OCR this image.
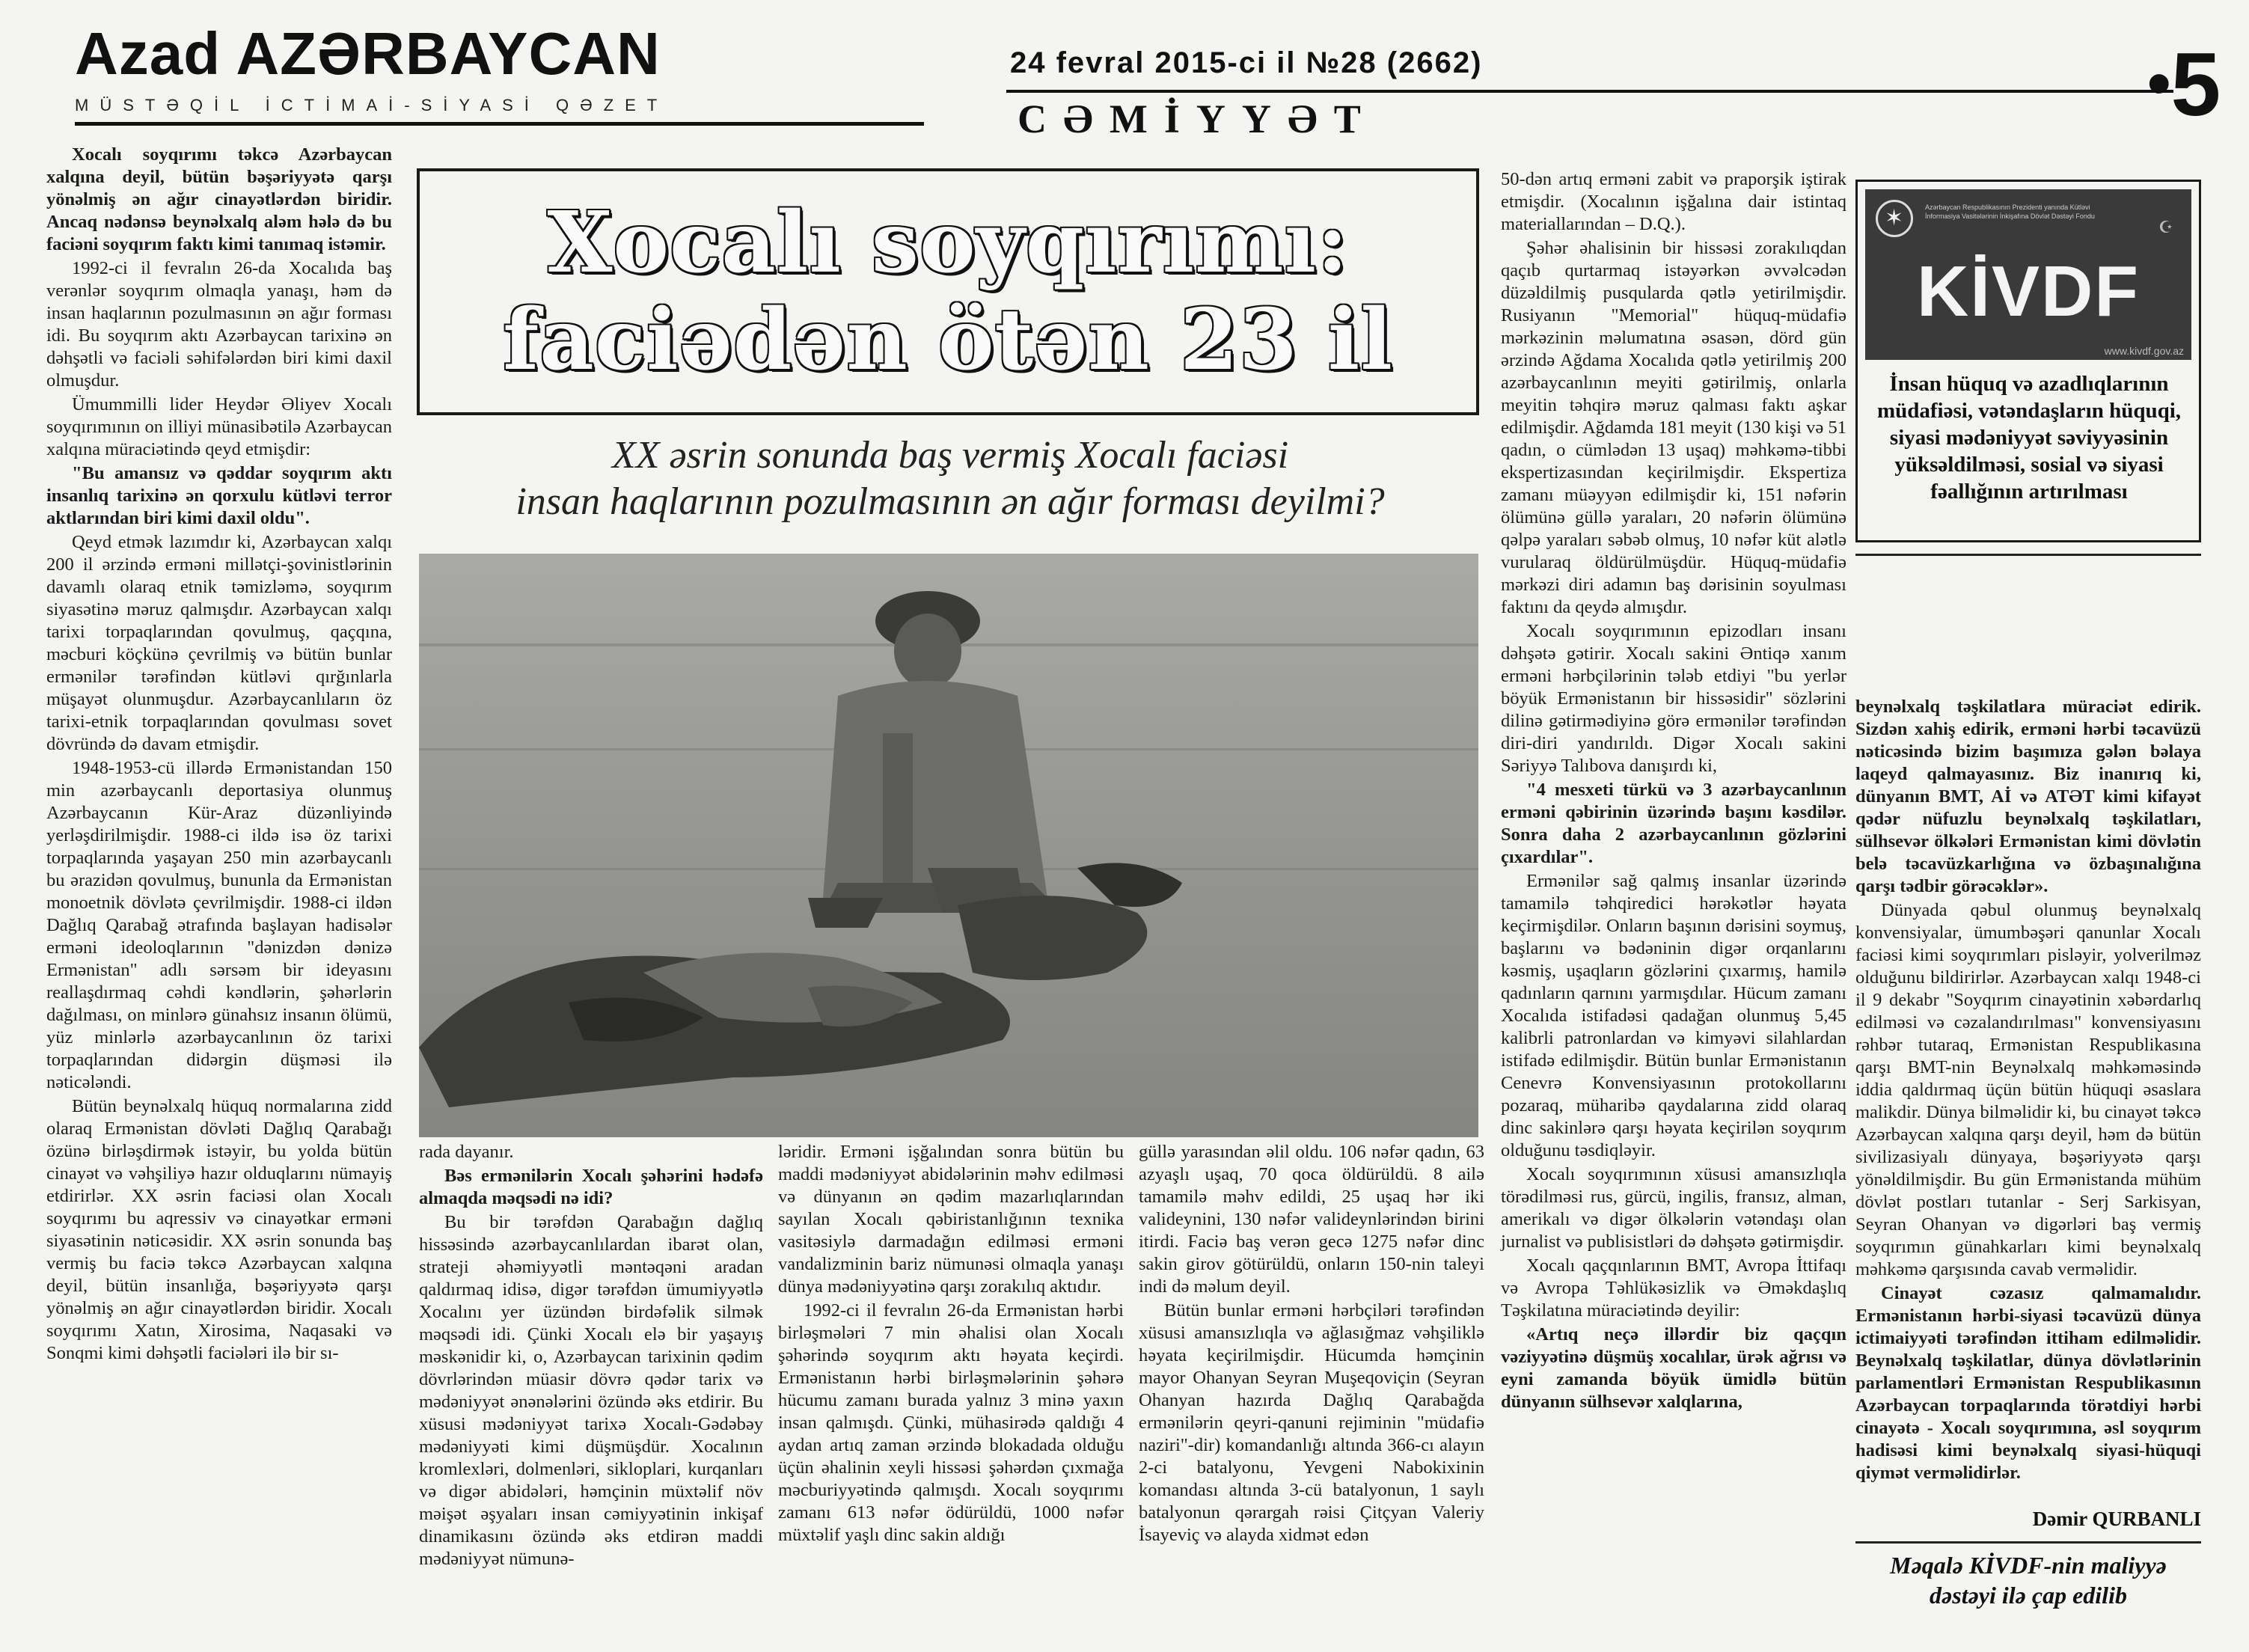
Azad AZƏRBAYCAN
MÜSTƏQİL İCTİMAİ-SİYASİ QƏZET
24 fevral 2015-ci il №28 (2662)
CƏMİYYƏT	•5

Xocalı soyqırımı təkcə Azərbaycan xalqına deyil, bütün bəşəriyyətə qarşı yönəlmiş ən ağır cinayətlərdən biridir. Ancaq nədənsə beynəlxalq aləm hələ də bu faciəni soyqırım faktı kimi tanımaq istəmir.

1992-ci il fevralın 26-da Xocalıda baş verənlər soyqırım olmaqla yanaşı, həm də insan haqlarının pozulmasının ən ağır forması idi. Bu soyqırım aktı Azərbaycan tarixinə ən dəhşətli və faciəli səhifələrdən biri kimi daxil olmuşdur.

Ümummilli lider Heydər Əliyev Xocalı soyqırımının on illiyi münasibətilə Azərbaycan xalqına müraciətində qeyd etmişdir:

"Bu amansız və qəddar soyqırım aktı insanlıq tarixinə ən qorxulu kütləvi terror aktlarından biri kimi daxil oldu".

Qeyd etmək lazımdır ki, Azərbaycan xalqı 200 il ərzində erməni millətçi-şovinistlərinin davamlı olaraq etnik təmizləmə, soyqırım siyasətinə məruz qalmışdır. Azərbaycan xalqı tarixi torpaqlarından qovulmuş, qaçqına, məcburi köçkünə çevrilmiş və bütün bunlar ermənilər tərəfindən kütləvi qırğınlarla müşayət olunmuşdur. Azərbaycanlıların öz tarixi-etnik torpaqlarından qovulması sovet dövründə də davam etmişdir.

1948-1953-cü illərdə Ermənistandan 150 min azərbaycanlı deportasiya olunmuş Azərbaycanın Kür-Araz düzənliyində yerləşdirilmişdir. 1988-ci ildə isə öz tarixi torpaqlarında yaşayan 250 min azərbaycanlı bu ərazidən qovulmuş, bununla da Ermənistan monoetnik dövlətə çevrilmişdir. 1988-ci ildən Dağlıq Qarabağ ətrafında başlayan hadisələr erməni ideoloqlarının "dənizdən dənizə Ermənistan" adlı sərsəm bir ideyasını reallaşdırmaq cəhdi kəndlərin, şəhərlərin dağılması, on minlərə günahsız insanın ölümü, yüz minlərlə azərbaycanlının öz tarixi torpaqlarından didərgin düşməsi ilə nəticələndi.

Bütün beynəlxalq hüquq normalarına zidd olaraq Ermənistan dövləti Dağlıq Qarabağı özünə birləşdirmək istəyir, bu yolda bütün cinayət və vəhşiliyə hazır olduqlarını nümayiş etdirirlər. XX əsrin faciəsi olan Xocalı soyqırımı bu aqressiv və cinayətkar erməni siyasətinin nəticəsidir. XX əsrin sonunda baş vermiş bu faciə təkcə Azərbaycan xalqına deyil, bütün insanlığa, bəşəriyyətə qarşı yönəlmiş ən ağır cinayətlərdən biridir. Xocalı soyqırımı Xatın, Xirosima, Naqasaki və Sonqmi kimi dəhşətli faciələri ilə bir sı-

Xocalı soyqırımı:
faciədən ötən 23 il
XX əsrin sonunda baş vermiş Xocalı faciəsi
insan haqlarının pozulmasının ən ağır forması deyilmi?

rada dayanır.

Bəs ermənilərin Xocalı şəhərini hədəfə almaqda məqsədi nə idi?

Bu bir tərəfdən Qarabağın dağlıq hissəsində azərbaycanlılardan ibarət olan, strateji əhəmiyyətli məntəqəni aradan qaldırmaq idisə, digər tərəfdən ümumiyyətlə Xocalını yer üzündən birdəfəlik silmək məqsədi idi. Çünki Xocalı elə bir yaşayış məskənidir ki, o, Azərbaycan tarixinin qədim dövrlərindən müasir dövrə qədər tarix və mədəniyyət ənənələrini özündə əks etdirir. Bu xüsusi mədəniyyət tarixə Xocalı-Gədəbəy mədəniyyəti kimi düşmüşdür. Xocalının kromlexləri, dolmenləri, sikloplari, kurqanları və digər abidələri, həmçinin müxtəlif növ məişət əşyaları insan cəmiyyətinin inkişaf dinamikasını özündə əks etdirən maddi mədəniyyət nümunə-

ləridir. Erməni işğalından sonra bütün bu maddi mədəniyyət abidələrinin məhv edilməsi və dünyanın ən qədim mazarlıqlarından sayılan Xocalı qəbiristanlığının texnika vasitəsiylə darmadağın edilməsi erməni vandalizminin bariz nümunəsi olmaqla yanaşı dünya mədəniyyətinə qarşı zorakılıq aktıdır.

1992-ci il fevralın 26-da Ermənistan hərbi birləşmələri 7 min əhalisi olan Xocalı şəhərində soyqırım aktı həyata keçirdi. Ermənistanın hərbi birləşmələrinin şəhərə hücumu zamanı burada yalnız 3 minə yaxın insan qalmışdı. Çünki, mühasirədə qaldığı 4 aydan artıq zaman ərzində blokadada olduğu üçün əhalinin xeyli hissəsi şəhərdən çıxmağa məcburiyyətində qalmışdı. Xocalı soyqırımı zamanı 613 nəfər ödürüldü, 1000 nəfər müxtəlif yaşlı dinc sakin aldığı

güllə yarasından əlil oldu. 106 nəfər qadın, 63 azyaşlı uşaq, 70 qoca öldürüldü. 8 ailə tamamilə məhv edildi, 25 uşaq hər iki valideynini, 130 nəfər valideynlərindən birini itirdi. Faciə baş verən gecə 1275 nəfər dinc sakin girov götürüldü, onların 150-nin taleyi indi də məlum deyil.

Bütün bunlar erməni hərbçiləri tərəfindən xüsusi amansızlıqla və ağlasığmaz vəhşiliklə həyata keçirilmişdir. Hücumda həmçinin mayor Ohanyan Seyran Muşeqoviçin (Seyran Ohanyan hazırda Dağlıq Qarabağda ermənilərin qeyri-qanuni rejiminin "müdafiə naziri"-dir) komandanlığı altında 366-cı alayın 2-ci batalyonu, Yevgeni Nabokixinin komandası altında 3-cü batalyonun, 1 saylı batalyonun qərargah rəisi Çitçyan Valeriy İsayeviç və alayda xidmət edən

50-dən artıq erməni zabit və praporşik iştirak etmişdir. (Xocalının işğalına dair istintaq materiallarından – D.Q.).

Şəhər əhalisinin bir hissəsi zorakılıqdan qaçıb qurtarmaq istəyərkən əvvəlcədən düzəldilmiş pusqularda qətlə yetirilmişdir. Rusiyanın "Memorial" hüquq-müdafiə mərkəzinin məlumatına əsasən, dörd gün ərzində Ağdama Xocalıda qətlə yetirilmiş 200 azərbaycanlının meyiti gətirilmiş, onlarla meyitin təhqirə məruz qalması faktı aşkar edilmişdir. Ağdamda 181 meyit (130 kişi və 51 qadın, o cümlədən 13 uşaq) məhkəmə-tibbi ekspertizasından keçirilmişdir. Ekspertiza zamanı müəyyən edilmişdir ki, 151 nəfərin ölümünə güllə yaraları, 20 nəfərin ölümünə qəlpə yaraları səbəb olmuş, 10 nəfər küt alətlə vurularaq öldürülmüşdür. Hüquq-müdafiə mərkəzi diri adamın baş dərisinin soyulması faktını da qeydə almışdır.

Xocalı soyqırımının epizodları insanı dəhşətə gətirir. Xocalı sakini Əntiqə xanım erməni hərbçilərinin tələb etdiyi "bu yerlər böyük Ermənistanın bir hissəsidir" sözlərini dilinə gətirmədiyinə görə ermənilər tərəfindən diri-diri yandırıldı. Digər Xocalı sakini Səriyyə Talıbova danışırdı ki,

"4 mesxeti türkü və 3 azərbaycanlının erməni qəbirinin üzərində başını kəsdilər. Sonra daha 2 azərbaycanlının gözlərini çıxardılar".

Ermənilər sağ qalmış insanlar üzərində tamamilə təhqiredici hərəkətlər həyata keçirmişdilər. Onların başının dərisini soymuş, başlarını və bədəninin digər orqanlarını kəsmiş, uşaqların gözlərini çıxarmış, hamilə qadınların qarnını yarmışdılar. Hücum zamanı Xocalıda istifadəsi qadağan olunmuş 5,45 kalibrli patronlardan və kimyəvi silahlardan istifadə edilmişdir. Bütün bunlar Ermənistanın Cenevrə Konvensiyasının protokollarını pozaraq, müharibə qaydalarına zidd olaraq dinc sakinlərə qarşı həyata keçirilən soyqırım olduğunu təsdiqləyir.

Xocalı soyqırımının xüsusi amansızlıqla törədilməsi rus, gürcü, ingilis, fransız, alman, amerikalı və digər ölkələrin vətəndaşı olan jurnalist və publisistləri də dəhşətə gətirmişdir.

Xocalı qaçqınlarının BMT, Avropa İttifaqı və Avropa Təhlükəsizlik və Əməkdaşlıq Təşkilatına müraciətində deyilir:

«Artıq neçə illərdir biz qaçqın vəziyyətinə düşmüş xocalılar, ürək ağrısı və eyni zamanda böyük ümidlə bütün dünyanın sülhsevər xalqlarına,

✶
Azərbaycan Respublikasının Prezidenti yanında Kütləvi İnformasiya Vasitələrinin İnkişafına Dövlət Dəstəyi Fondu
☪
KİVDF
www.kivdf.gov.az
İnsan hüquq və azadlıqlarının müdafiəsi, vətəndaşların hüquqi, siyasi mədəniyyət səviyyəsinin yüksəldilməsi, sosial və siyasi fəallığının artırılması

beynəlxalq təşkilatlara müraciət edirik. Sizdən xahiş edirik, erməni hərbi təcavüzü nəticəsində bizim başımıza gələn bəlaya laqeyd qalmayasınız. Biz inanırıq ki, dünyanın BMT, Aİ və ATƏT kimi kifayət qədər nüfuzlu beynəlxalq təşkilatları, sülhsevər ölkələri Ermənistan kimi dövlətin belə təcavüzkarlığına və özbaşınalığına qarşı tədbir görəcəklər».

Dünyada qəbul olunmuş beynəlxalq konvensiyalar, ümumbəşəri qanunlar Xocalı faciəsi kimi soyqırımları pisləyir, yolverilməz olduğunu bildirirlər. Azərbaycan xalqı 1948-ci il 9 dekabr "Soyqırım cinayətinin xəbərdarlıq edilməsi və cəzalandırılması" konvensiyasını rəhbər tutaraq, Ermənistan Respublikasına qarşı BMT-nin Beynəlxalq məhkəməsində iddia qaldırmaq üçün bütün hüquqi əsaslara malikdir. Dünya bilməlidir ki, bu cinayət təkcə Azərbaycan xalqına qarşı deyil, həm də bütün sivilizasiyalı dünyaya, bəşəriyyətə qarşı yönəldilmişdir. Bu gün Ermənistanda mühüm dövlət postları tutanlar - Serj Sarkisyan, Seyran Ohanyan və digərləri baş vermiş soyqırımın günahkarları kimi beynəlxalq məhkəmə qarşısında cavab verməlidir.

Cinayət cəzasız qalmamalıdır. Ermənistanın hərbi-siyasi təcavüzü dünya ictimaiyyəti tərəfindən ittiham edilməlidir. Beynəlxalq təşkilatlar, dünya dövlətlərinin parlamentləri Ermənistan Respublikasının Azərbaycan torpaqlarında törətdiyi hərbi cinayətə - Xocalı soyqırımına, əsl soyqırım hadisəsi kimi beynəlxalq siyasi-hüquqi qiymət verməlidirlər.

Dəmir QURBANLI
Məqalə KİVDF-nin maliyyə dəstəyi ilə çap edilib
